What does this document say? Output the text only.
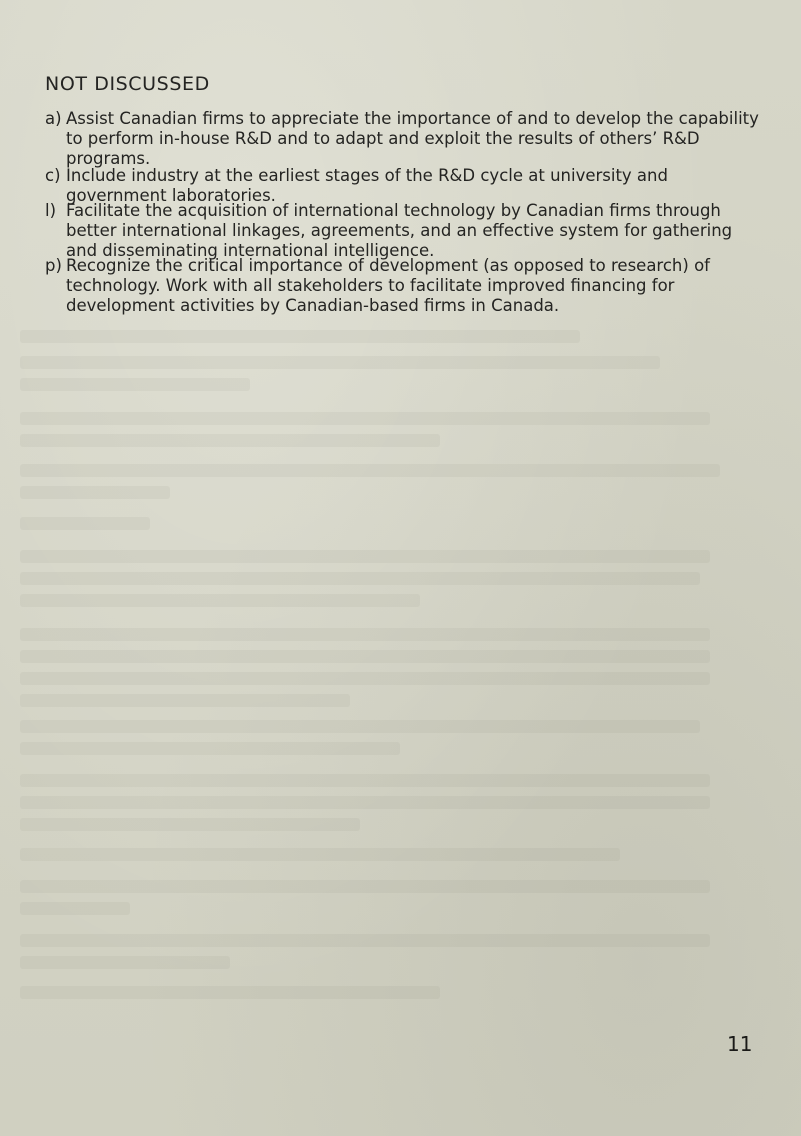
NOT DISCUSSED
a) Assist Canadian firms to appreciate the importance of and to develop the capability to perform in-house R&D and to adapt and exploit the results of others’ R&D programs.
c) Include industry at the earliest stages of the R&D cycle at university and government laboratories.
l) Facilitate the acquisition of international technology by Canadian firms through better international linkages, agreements, and an effective system for gathering and disseminating international intelligence.
p) Recognize the critical importance of development (as opposed to research) of technology. Work with all stakeholders to facilitate improved financing for development activities by Canadian-based firms in Canada.
11
